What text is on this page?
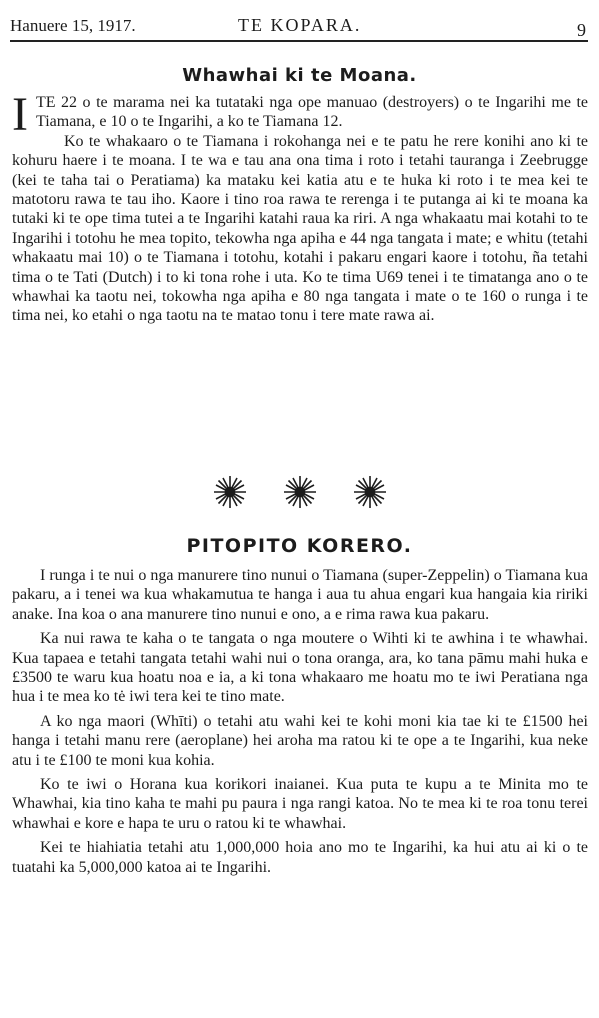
Hanuere 15, 1917.	TE KOPARA.	9
Whawhai ki te Moana.

ITE 22 o te marama nei ka tutataki nga ope manuao (destroyers) o te Ingarihi me te Tiamana, e 10 o te Ingarihi, a ko te Tiamana 12.

Ko te whakaaro o te Tiamana i rokohanga nei e te patu he rere konihi ano ki te kohuru haere i te moana. I te wa e tau ana ona tima i roto i tetahi tauranga i Zeebrugge (kei te taha tai o Peratiama) ka mataku kei katia atu e te huka ki roto i te mea kei te matotoru rawa te tau iho. Kaore i tino roa rawa te rerenga i te putanga ai ki te moana ka tutaki ki te ope tima tutei a te Ingarihi katahi raua ka riri. A nga whakaatu mai kotahi to te Ingarihi i totohu he mea topito, tekowha nga apiha e 44 nga tangata i mate; e whitu (tetahi whakaatu mai 10) o te Tiamana i totohu, kotahi i pakaru engari kaore i totohu, ña tetahi tima o te Tati (Dutch) i to ki tona rohe i uta. Ko te tima U69 tenei i te timatanga ano o te whawhai ka taotu nei, tokowha nga apiha e 80 nga tangata i mate o te 160 o runga i te tima nei, ko etahi o nga taotu na te matao tonu i tere mate rawa ai.

PITOPITO KORERO.

I runga i te nui o nga manurere tino nunui o Tiamana (super-Zeppelin) o Tiamana kua pakaru, a i tenei wa kua whakamutua te hanga i aua tu ahua engari kua hangaia kia ririki anake. Ina koa o ana manurere tino nunui e ono, a e rima rawa kua pakaru.

Ka nui rawa te kaha o te tangata o nga moutere o Wihti ki te awhina i te whawhai. Kua tapaea e tetahi tangata tetahi wahi nui o tona oranga, ara, ko tana pāmu mahi huka e £3500 te waru kua hoatu noa e ia, a ki tona whakaaro me hoatu mo te iwi Peratiana nga hua i te mea ko tė iwi tera kei te tino mate.

A ko nga maori (Whīti) o tetahi atu wahi kei te kohi moni kia tae ki te £1500 hei hanga i tetahi manu rere (aeroplane) hei aroha ma ratou ki te ope a te Ingarihi, kua neke atu i te £100 te moni kua kohia.

Ko te iwi o Horana kua korikori inaianei. Kua puta te kupu a te Minita mo te Whawhai, kia tino kaha te mahi pu paura i nga rangi katoa. No te mea ki te roa tonu terei whawhai e kore e hapa te uru o ratou ki te whawhai.

Kei te hiahiatia tetahi atu 1,000,000 hoia ano mo te Ingarihi, ka hui atu ai ki o te tuatahi ka 5,000,000 katoa ai te Ingarihi.
